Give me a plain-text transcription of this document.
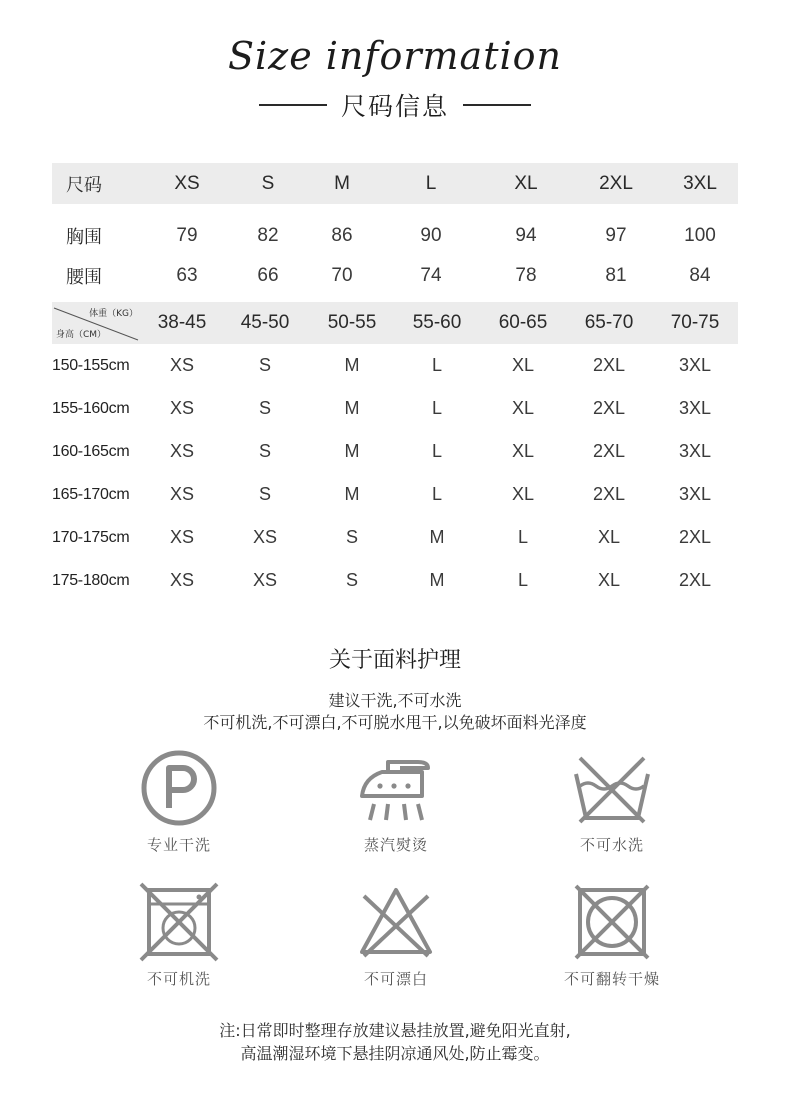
Size information
尺码信息
尺码	XS	S	M	L	XL	2XL	3XL
胸围	79	82	86	90	94	97	100
腰围	63	66	70	74	78	81	84
体重（KG）
身高（CM）	38-45	45-50	50-55	55-60	60-65	65-70	70-75
150-155cm	XS	S	M	L	XL	2XL	3XL
155-160cm	XS	S	M	L	XL	2XL	3XL
160-165cm	XS	S	M	L	XL	2XL	3XL
165-170cm	XS	S	M	L	XL	2XL	3XL
170-175cm	XS	XS	S	M	L	XL	2XL
175-180cm	XS	XS	S	M	L	XL	2XL
关于面料护理
建议干洗,不可水洗
不可机洗,不可漂白,不可脱水甩干,以免破坏面料光泽度
专业干洗	蒸汽熨烫	不可水洗
不可机洗	不可漂白	不可翻转干燥
注:日常即时整理存放建议悬挂放置,避免阳光直射,
高温潮湿环境下悬挂阴凉通风处,防止霉变。
